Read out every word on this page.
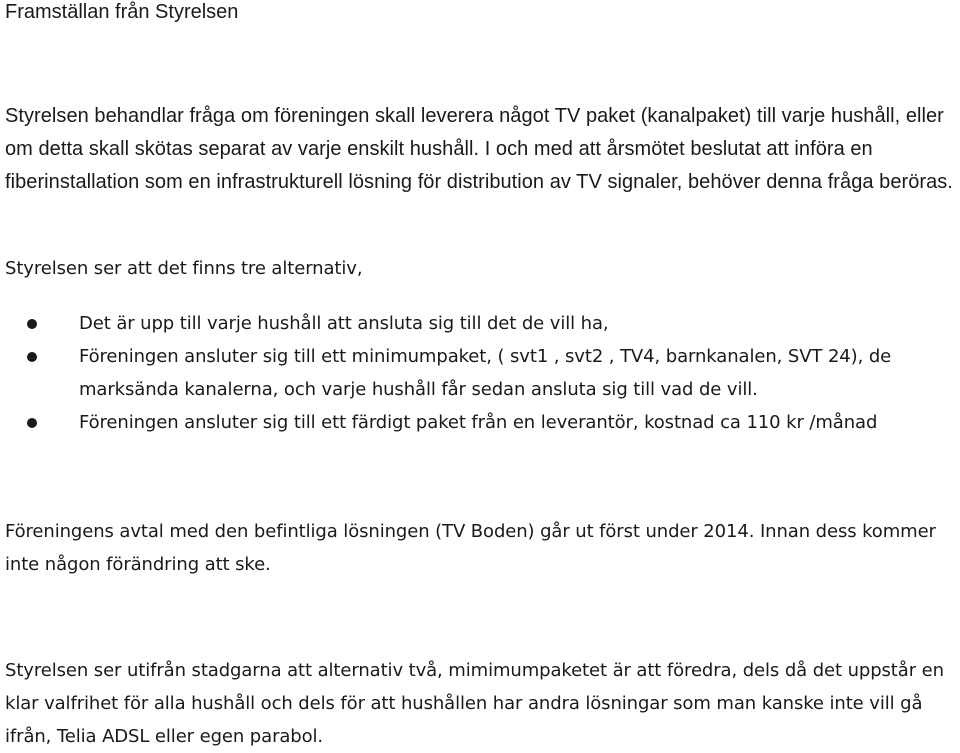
Framställan från Styrelsen

Styrelsen behandlar fråga om föreningen skall leverera något TV paket (kanalpaket) till varje hushåll, eller om detta skall skötas separat av varje enskilt hushåll. I och med att årsmötet beslutat att införa en fiberinstallation som en infrastrukturell lösning för distribution av TV signaler, behöver denna fråga beröras.

Styrelsen ser att det finns tre alternativ,

Det är upp till varje hushåll att ansluta sig till det de vill ha,
Föreningen ansluter sig till ett minimumpaket, ( svt1 , svt2 , TV4, barnkanalen, SVT 24), de marksända kanalerna, och varje hushåll får sedan ansluta sig till vad de vill.
Föreningen ansluter sig till ett färdigt paket från en leverantör, kostnad ca 110 kr /månad

Föreningens avtal med den befintliga lösningen (TV Boden) går ut först under 2014. Innan dess kommer inte någon förändring att ske.

Styrelsen ser utifrån stadgarna att alternativ två, mimimumpaketet är att föredra, dels då det uppstår en klar valfrihet för alla hushåll och dels för att hushållen har andra lösningar som man kanske inte vill gå ifrån, Telia ADSL eller egen parabol.
